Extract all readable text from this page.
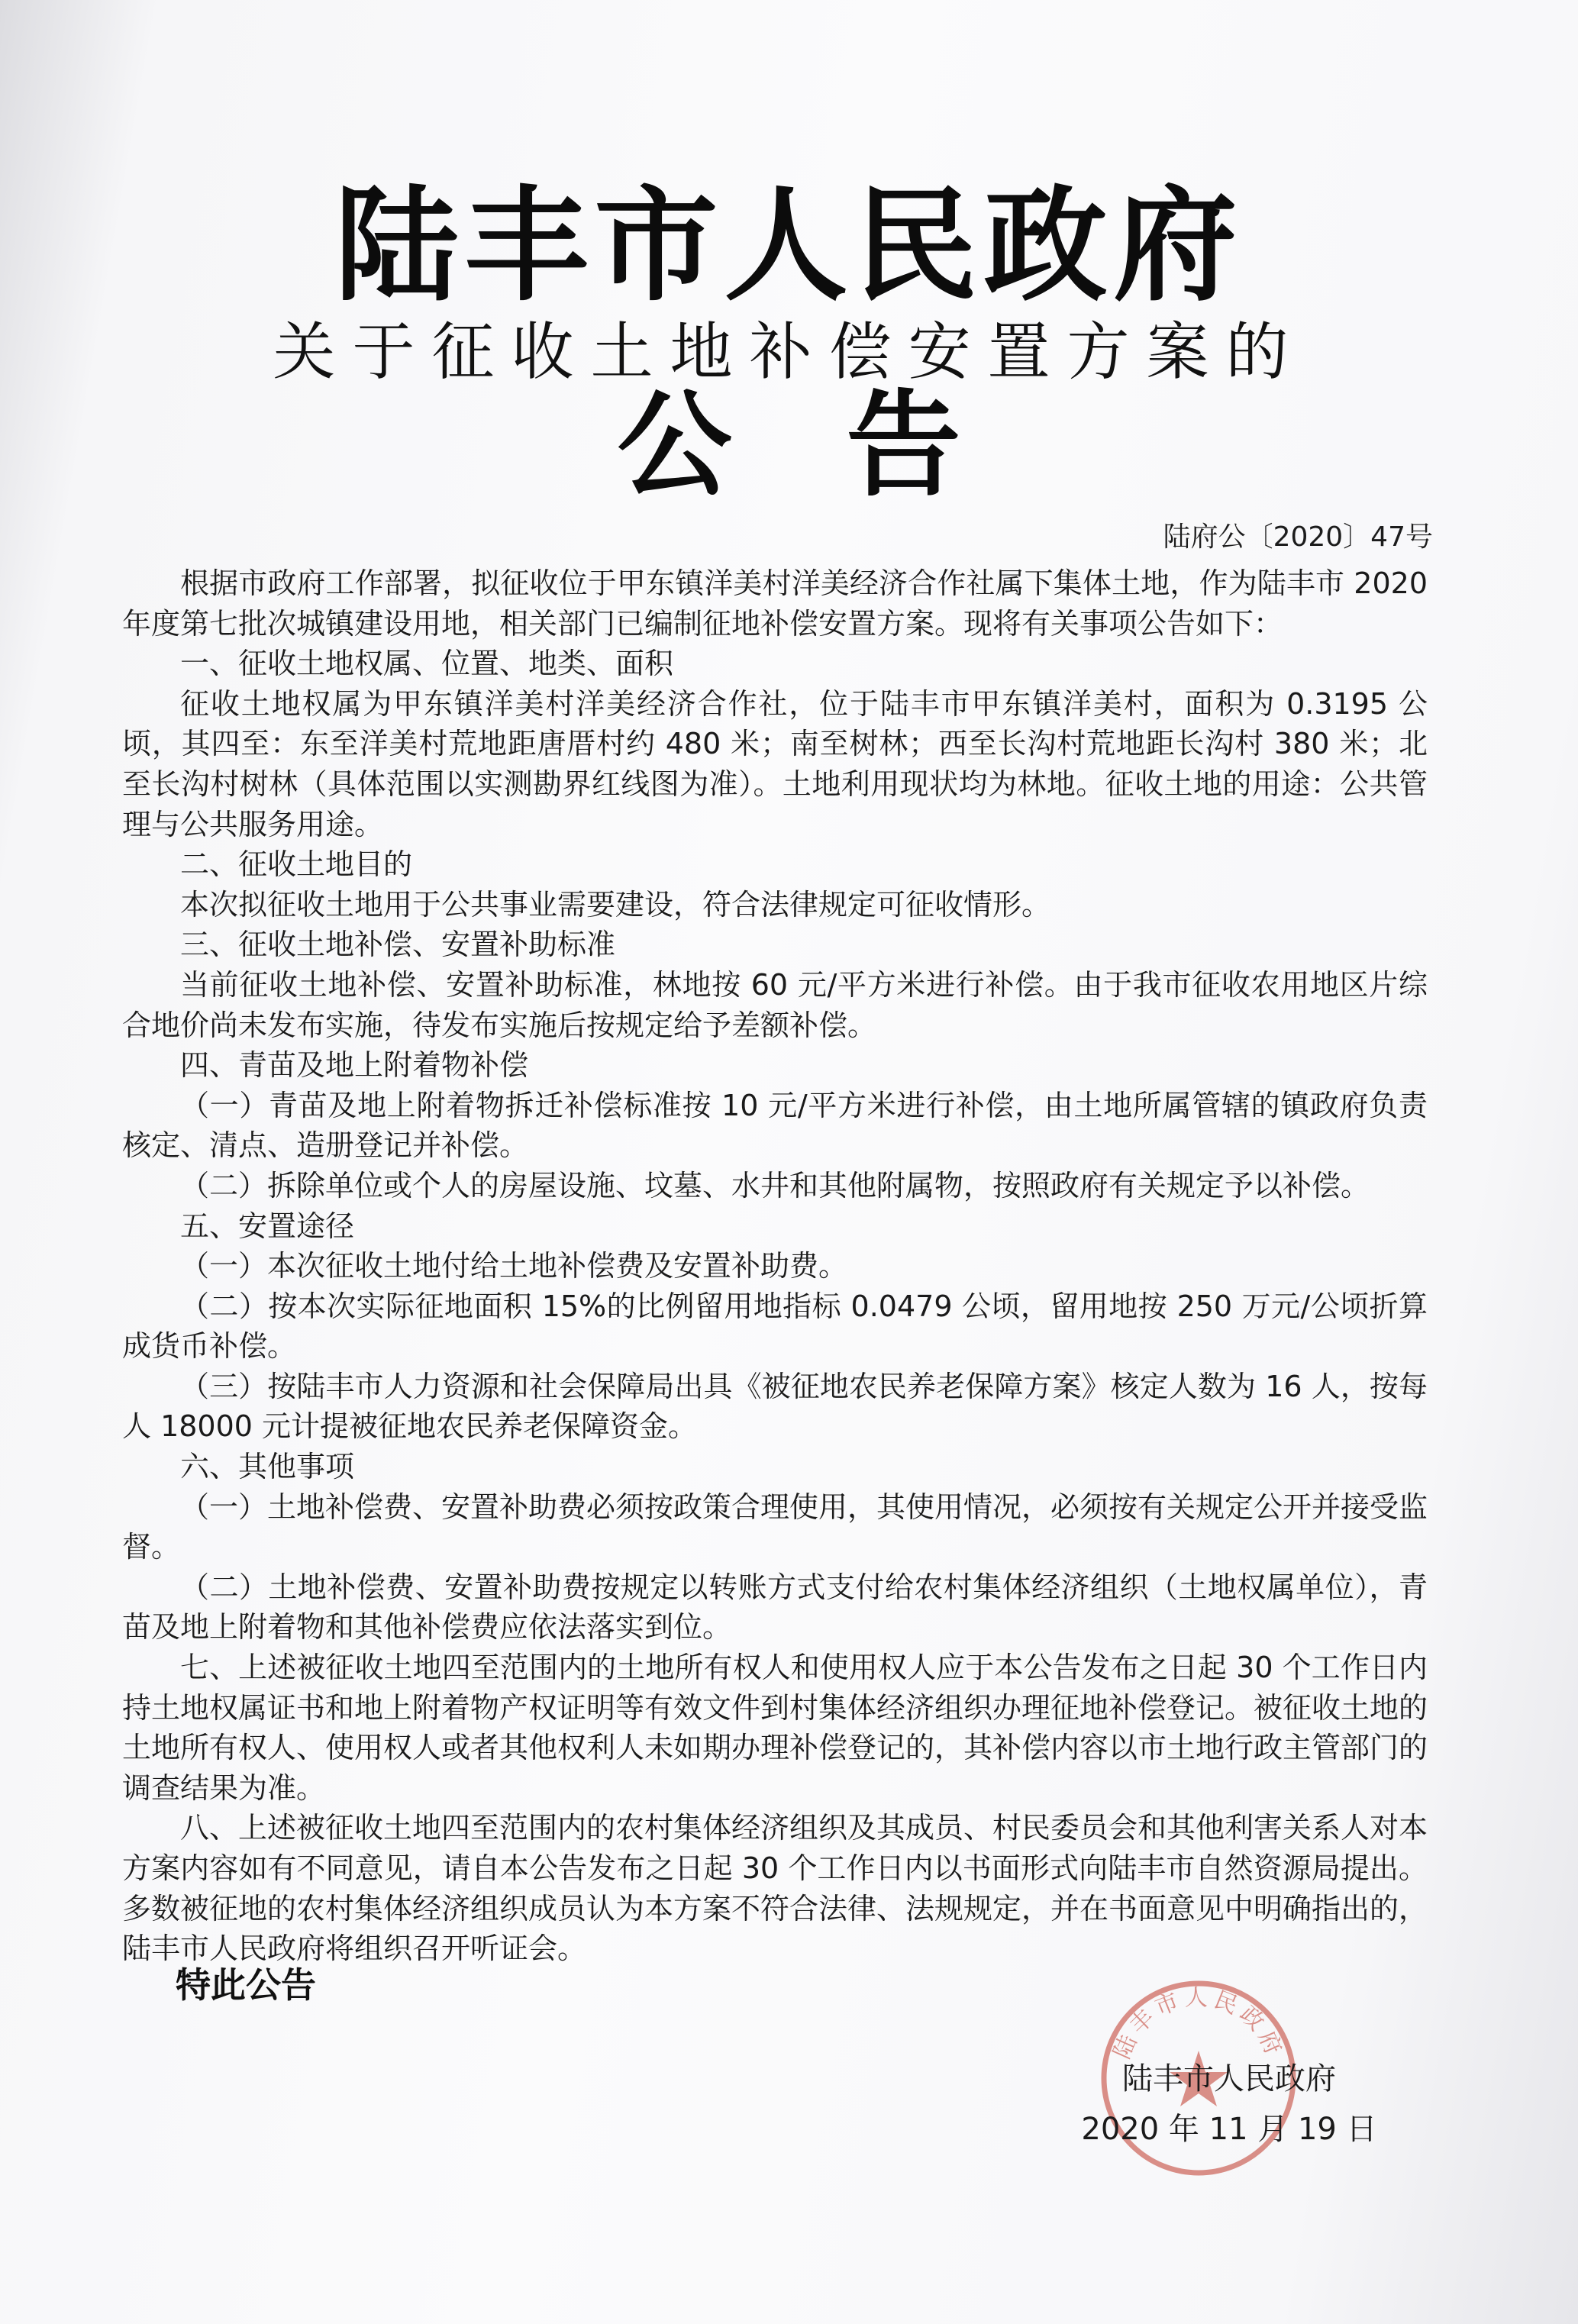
陆丰市人民政府
关于征收土地补偿安置方案的
公告
陆府公〔2020〕47号

根据市政府工作部署，拟征收位于甲东镇洋美村洋美经济合作社属下集体土地，作为陆丰市 2020 年度第七批次城镇建设用地，相关部门已编制征地补偿安置方案。现将有关事项公告如下：

一、征收土地权属、位置、地类、面积

征收土地权属为甲东镇洋美村洋美经济合作社，位于陆丰市甲东镇洋美村，面积为 0.3195 公顷，其四至：东至洋美村荒地距唐厝村约 480 米；南至树林；西至长沟村荒地距长沟村 380 米；北至长沟村树林（具体范围以实测勘界红线图为准）。土地利用现状均为林地。征收土地的用途：公共管理与公共服务用途。

二、征收土地目的

本次拟征收土地用于公共事业需要建设，符合法律规定可征收情形。

三、征收土地补偿、安置补助标准

当前征收土地补偿、安置补助标准，林地按 60 元/平方米进行补偿。由于我市征收农用地区片综合地价尚未发布实施，待发布实施后按规定给予差额补偿。

四、青苗及地上附着物补偿

（一）青苗及地上附着物拆迁补偿标准按 10 元/平方米进行补偿，由土地所属管辖的镇政府负责核定、清点、造册登记并补偿。

（二）拆除单位或个人的房屋设施、坟墓、水井和其他附属物，按照政府有关规定予以补偿。

五、安置途径

（一）本次征收土地付给土地补偿费及安置补助费。

（二）按本次实际征地面积 15%的比例留用地指标 0.0479 公顷，留用地按 250 万元/公顷折算成货币补偿。

（三）按陆丰市人力资源和社会保障局出具《被征地农民养老保障方案》核定人数为 16 人，按每人 18000 元计提被征地农民养老保障资金。

六、其他事项

（一）土地补偿费、安置补助费必须按政策合理使用，其使用情况，必须按有关规定公开并接受监督。

（二）土地补偿费、安置补助费按规定以转账方式支付给农村集体经济组织（土地权属单位），青苗及地上附着物和其他补偿费应依法落实到位。

七、上述被征收土地四至范围内的土地所有权人和使用权人应于本公告发布之日起 30 个工作日内持土地权属证书和地上附着物产权证明等有效文件到村集体经济组织办理征地补偿登记。被征收土地的土地所有权人、使用权人或者其他权利人未如期办理补偿登记的，其补偿内容以市土地行政主管部门的调查结果为准。

八、上述被征收土地四至范围内的农村集体经济组织及其成员、村民委员会和其他利害关系人对本方案内容如有不同意见，请自本公告发布之日起 30 个工作日内以书面形式向陆丰市自然资源局提出。多数被征地的农村集体经济组织成员认为本方案不符合法律、法规规定，并在书面意见中明确指出的，陆丰市人民政府将组织召开听证会。

特此公告
陆丰市人民政府
陆丰市人民政府
2020 年 11 月 19 日
